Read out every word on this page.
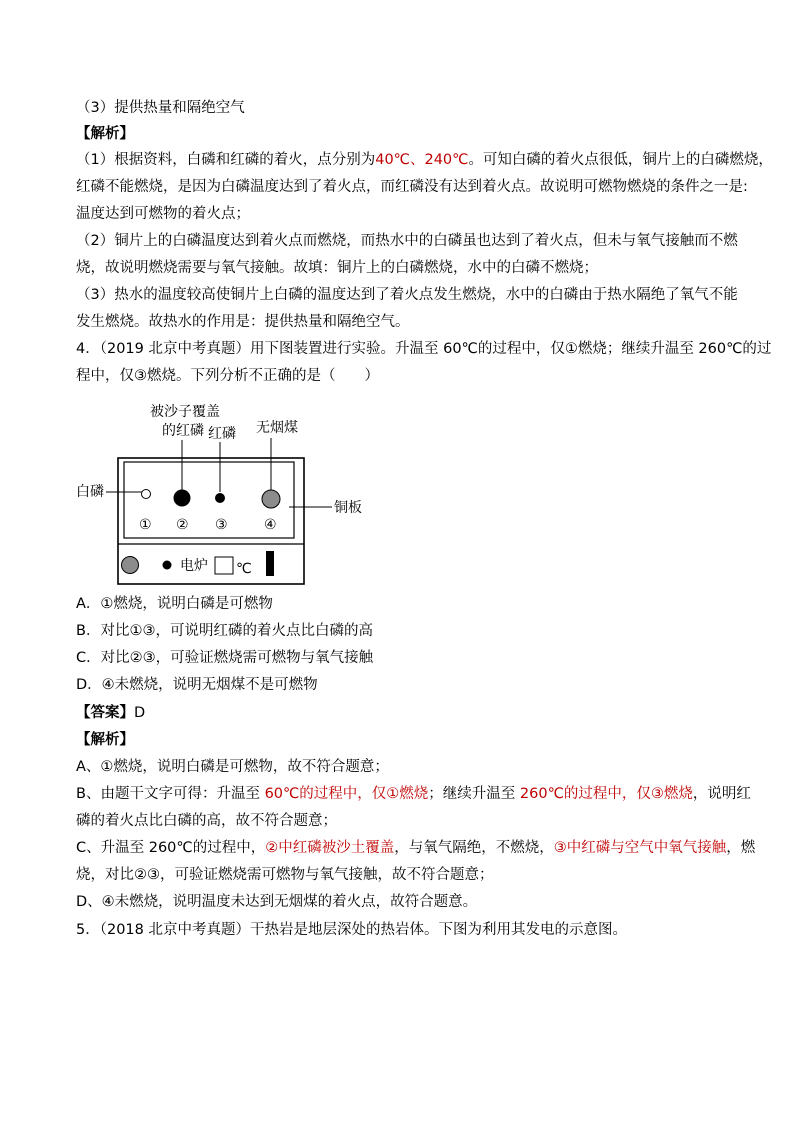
（3）提供热量和隔绝空气
【解析】
（1）根据资料，白磷和红磷的着火，点分别为40℃、240℃。可知白磷的着火点很低，铜片上的白磷燃烧，
红磷不能燃烧，是因为白磷温度达到了着火点，而红磷没有达到着火点。故说明可燃物燃烧的条件之一是:
温度达到可燃物的着火点；
（2）铜片上的白磷温度达到着火点而燃烧，而热水中的白磷虽也达到了着火点，但未与氧气接触而不燃
烧，故说明燃烧需要与氧气接触。故填：铜片上的白磷燃烧，水中的白磷不燃烧；
（3）热水的温度较高使铜片上白磷的温度达到了着火点发生燃烧，水中的白磷由于热水隔绝了氧气不能
发生燃烧。故热水的作用是：提供热量和隔绝空气。
4．（2019 北京中考真题）用下图装置进行实验。升温至 60℃的过程中，仅①燃烧；继续升温至 260℃的过
程中，仅③燃烧。下列分析不正确的是（　　）
被沙子覆盖
的红磷 红磷 无烟煤
白磷
铜板
① ② ③	④
电炉 ℃
A．①燃烧，说明白磷是可燃物
B．对比①③，可说明红磷的着火点比白磷的高
C．对比②③，可验证燃烧需可燃物与氧气接触
D．④未燃烧，说明无烟煤不是可燃物
【答案】D
【解析】
A、①燃烧，说明白磷是可燃物，故不符合题意；
B、由题干文字可得：升温至 60℃的过程中，仅①燃烧；继续升温至 260℃的过程中，仅③燃烧，说明红
磷的着火点比白磷的高，故不符合题意；
C、升温至 260℃的过程中，②中红磷被沙土覆盖，与氧气隔绝，不燃烧，③中红磷与空气中氧气接触，燃
烧，对比②③，可验证燃烧需可燃物与氧气接触，故不符合题意；
D、④未燃烧，说明温度未达到无烟煤的着火点，故符合题意。
5．（2018 北京中考真题）干热岩是地层深处的热岩体。下图为利用其发电的示意图。
